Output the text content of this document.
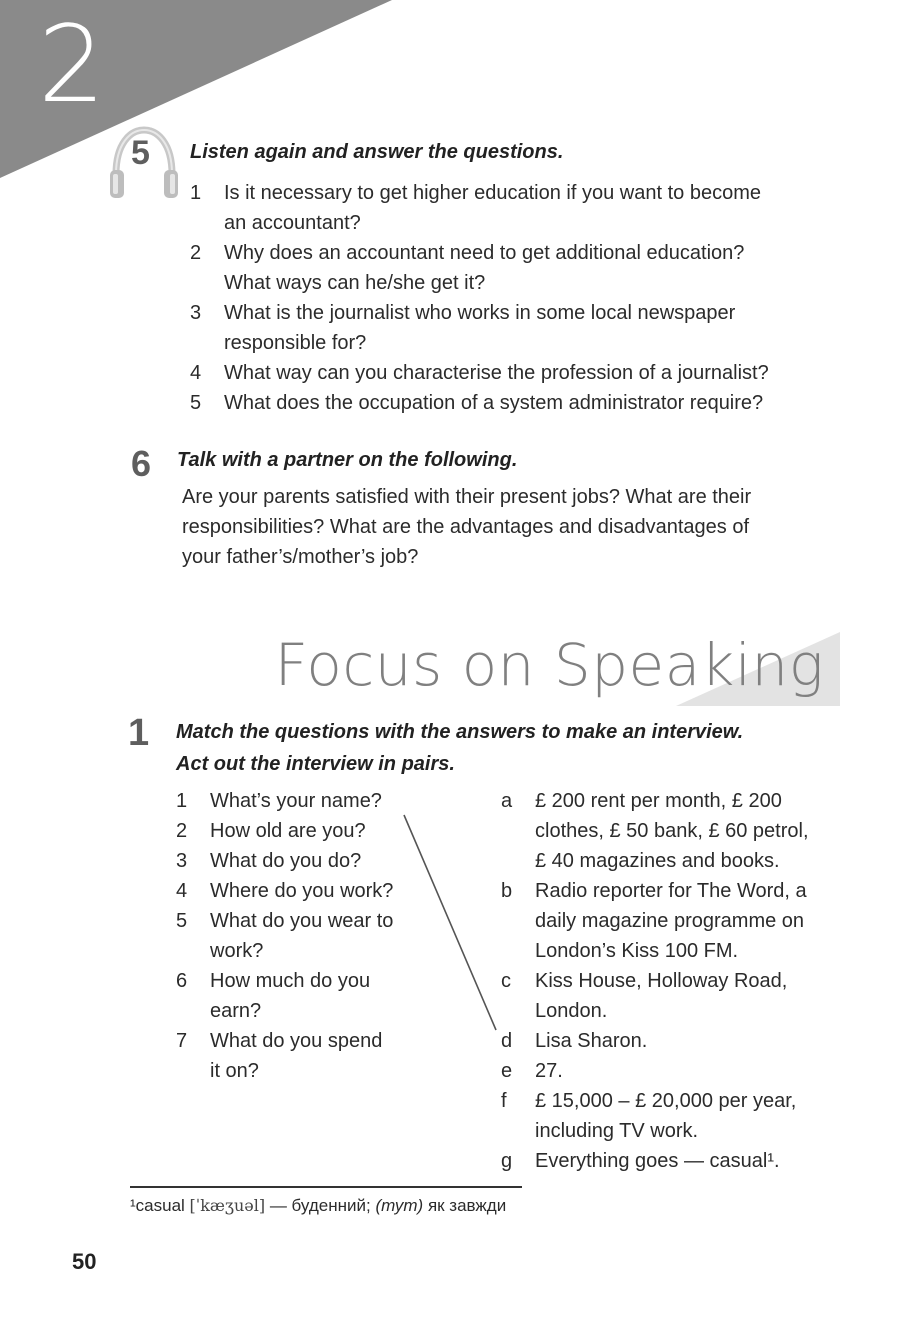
2
5 Listen again and answer the questions.
1	Is it necessary to get higher education if you want to become
an accountant?
2	Why does an accountant need to get additional education?
What ways can he/she get it?
3	What is the journalist who works in some local newspaper
responsible for?
4	What way can you characterise the profession of a journalist?
5	What does the occupation of a system administrator require?
6 Talk with a partner on the following.
Are your parents satisfied with their present jobs? What are their
responsibilities? What are the advantages and disadvantages of
your father’s/mother’s job?
Focus on Speaking
1 Match the questions with the answers to make an interview.
Act out the interview in pairs.
1 What’s your name?
2 How old are you?
3 What do you do?
4 Where do you work?
5 What do you wear to
work?
6 How much do you
earn?
7 What do you spend
it on?
a £ 200 rent per month, £ 200
clothes, £ 50 bank, £ 60 petrol,
£ 40 magazines and books.
b Radio reporter for The Word, a
daily magazine programme on
London’s Kiss 100 FM.
c Kiss House, Holloway Road,
London.
d Lisa Sharon.
e 27.
f £ 15,000 – £ 20,000 per year,
including TV work.
g Everything goes — casual¹.
¹casual [ˈkæʒuəl] — буденний; (тут) як завжди
50
